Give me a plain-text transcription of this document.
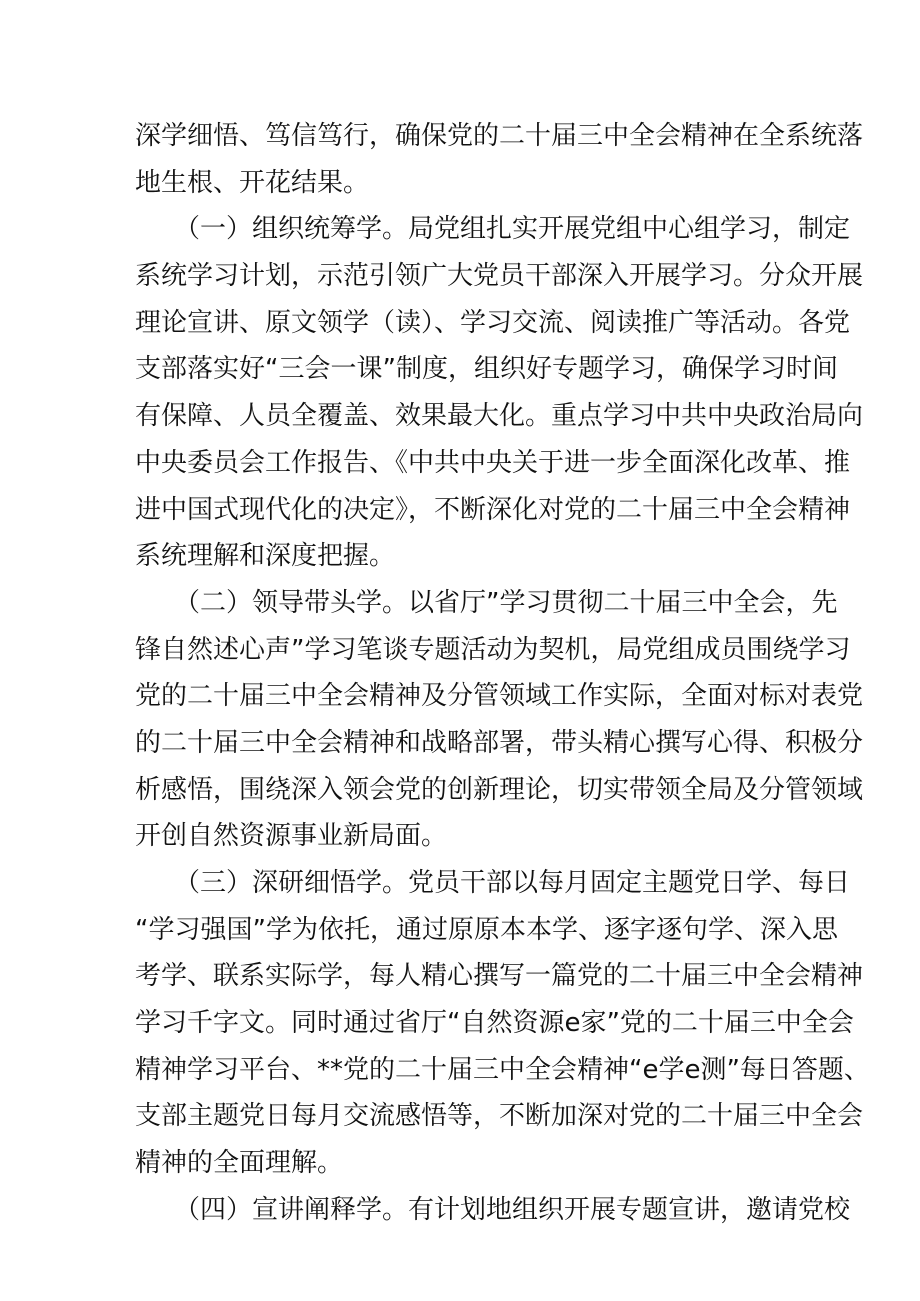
深学细悟、笃信笃行，确保党的二十届三中全会精神在全系统落
地生根、开花结果。
　　（一）组织统筹学。局党组扎实开展党组中心组学习，制定
系统学习计划，示范引领广大党员干部深入开展学习。分众开展
理论宣讲、原文领学（读）、学习交流、阅读推广等活动。各党
支部落实好“三会一课”制度，组织好专题学习，确保学习时间
有保障、人员全覆盖、效果最大化。重点学习中共中央政治局向
中央委员会工作报告、《中共中央关于进一步全面深化改革、推
进中国式现代化的决定》，不断深化对党的二十届三中全会精神
系统理解和深度把握。
　　（二）领导带头学。以省厅”学习贯彻二十届三中全会，先
锋自然述心声”学习笔谈专题活动为契机，局党组成员围绕学习
党的二十届三中全会精神及分管领域工作实际，全面对标对表党
的二十届三中全会精神和战略部署，带头精心撰写心得、积极分
析感悟，围绕深入领会党的创新理论，切实带领全局及分管领域
开创自然资源事业新局面。
　　（三）深研细悟学。党员干部以每月固定主题党日学、每日
“学习强国”学为依托，通过原原本本学、逐字逐句学、深入思
考学、联系实际学，每人精心撰写一篇党的二十届三中全会精神
学习千字文。同时通过省厅“自然资源e家”党的二十届三中全会
精神学习平台、**党的二十届三中全会精神“e学e测”每日答题、
支部主题党日每月交流感悟等，不断加深对党的二十届三中全会
精神的全面理解。
　　（四）宣讲阐释学。有计划地组织开展专题宣讲，邀请党校
